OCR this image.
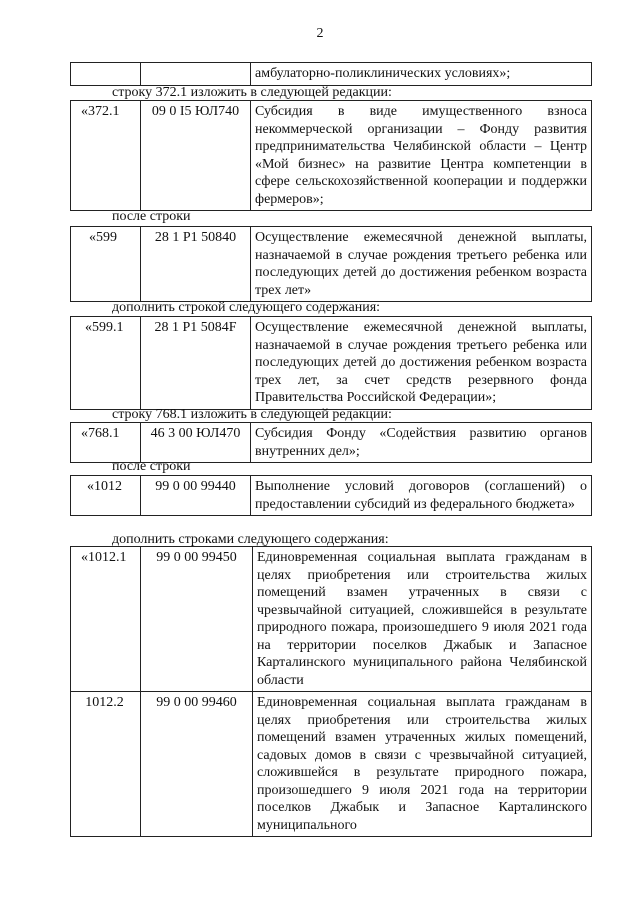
2
амбулаторно-поликлинических условиях»;
строку 372.1 изложить в следующей редакции:
«372.1	09 0 I5 ЮЛ740	Субсидия в виде имущественного взноса некоммерческой организации – Фонду развития предпринимательства Челябинской области – Центр «Мой бизнес» на развитие Центра компетенции в сфере сельскохозяйственной кооперации и поддержки фермеров»;
после строки
«599	28 1 P1 50840	Осуществление ежемесячной денежной выплаты, назначаемой в случае рождения третьего ребенка или последующих детей до достижения ребенком возраста трех лет»
дополнить строкой следующего содержания:
«599.1	28 1 P1 5084F	Осуществление ежемесячной денежной выплаты, назначаемой в случае рождения третьего ребенка или последующих детей до достижения ребенком возраста трех лет, за счет средств резервного фонда Правительства Российской Федерации»;
строку 768.1 изложить в следующей редакции:
«768.1	46 3 00 ЮЛ470	Субсидия Фонду «Содействия развитию органов внутренних дел»;
после строки
«1012	99 0 00 99440	Выполнение условий договоров (соглашений) о предоставлении субсидий из федерального бюджета»
дополнить строками следующего содержания:
«1012.1	99 0 00 99450	Единовременная социальная выплата гражданам в целях приобретения или строительства жилых помещений взамен утраченных в связи с чрезвычайной ситуацией, сложившейся в результате природного пожара, произошедшего 9 июля 2021 года на территории поселков Джабык и Запасное Карталинского муниципального района Челябинской области
1012.2	99 0 00 99460	Единовременная социальная выплата гражданам в целях приобретения или строительства жилых помещений взамен утраченных жилых помещений, садовых домов в связи с чрезвычайной ситуацией, сложившейся в результате природного пожара, произошедшего 9 июля 2021 года на территории поселков Джабык и Запасное Карталинского муниципального
